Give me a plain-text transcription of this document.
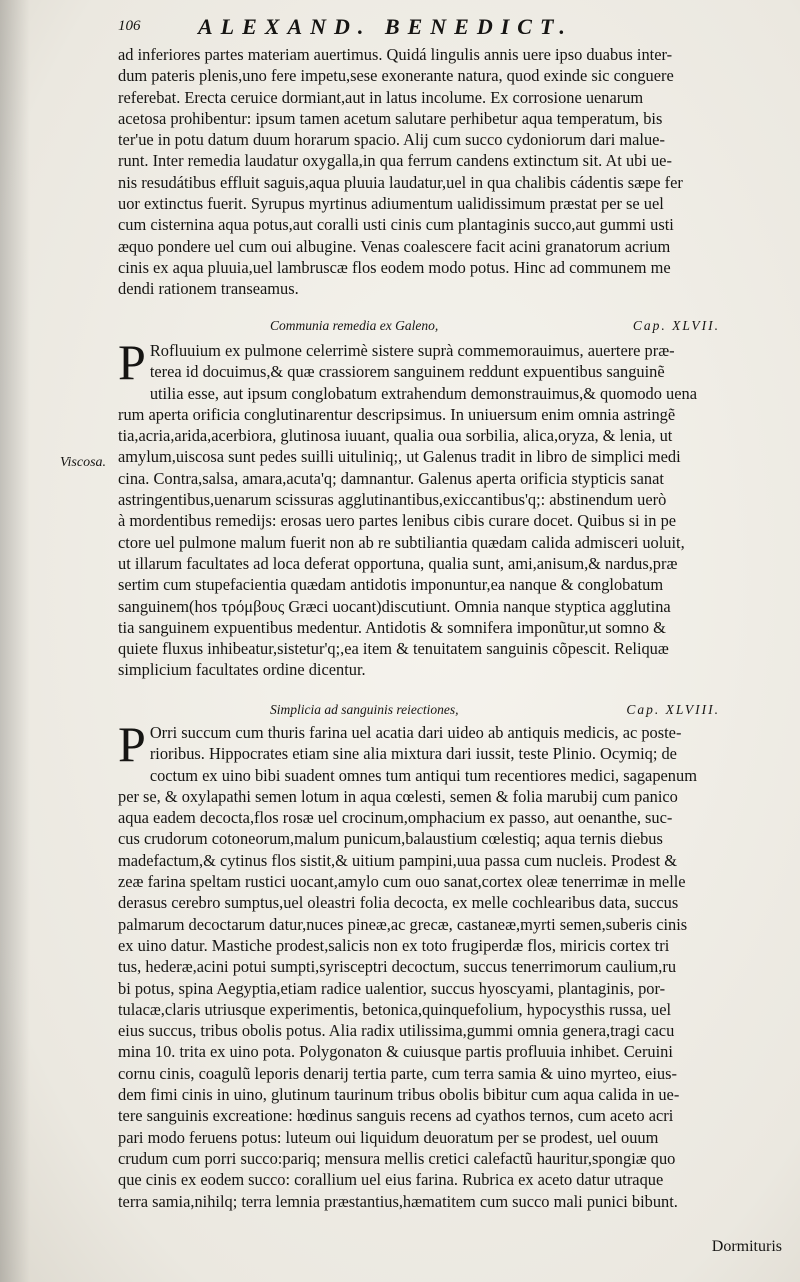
106	ALEXAND. BENEDICT.
ad inferiores partes materiam auertimus. Quidá lingulis annis uere ipso duabus inter-
dum pateris plenis,uno fere impetu,sese exonerante natura, quod exinde sic conguere
referebat. Erecta ceruice dormiant,aut in latus incolume. Ex corrosione uenarum
acetosa prohibentur: ipsum tamen acetum salutare perhibetur aqua temperatum, bis
ter'ue in potu datum duum horarum spacio. Alij cum succo cydoniorum dari malue-
runt. Inter remedia laudatur oxygalla,in qua ferrum candens extinctum sit. At ubi ue-
nis resudátibus effluit saguis,aqua pluuia laudatur,uel in qua chalibis cádentis sæpe fer
uor extinctus fuerit. Syrupus myrtinus adiumentum ualidissimum præstat per se uel
cum cisternina aqua potus,aut coralli usti cinis cum plantaginis succo,aut gummi usti
æquo pondere uel cum oui albugine. Venas coalescere facit acini granatorum acrium
cinis ex aqua pluuia,uel lambruscæ flos eodem modo potus. Hinc ad communem me
dendi rationem transeamus.
Communia remedia ex Galeno,	Cap. XLVII.
P Rofluuium ex pulmone celerrimè sistere suprà commemorauimus, auertere præ-
terea id docuimus,& quæ crassiorem sanguinem reddunt expuentibus sanguinẽ
utilia esse, aut ipsum conglobatum extrahendum demonstrauimus,& quomodo uena
rum aperta orificia conglutinarentur descripsimus. In uniuersum enim omnia astringẽ
tia,acria,arida,acerbiora, glutinosa iuuant, qualia oua sorbilia, alica,oryza, & lenia, ut
amylum,uiscosa sunt pedes suilli uituliniq;, ut Galenus tradit in libro de simplici medi
cina. Contra,salsa, amara,acuta'q; damnantur. Galenus aperta orificia stypticis sanat
astringentibus,uenarum scissuras agglutinantibus,exiccantibus'q;: abstinendum uerò
à mordentibus remedijs: erosas uero partes lenibus cibis curare docet. Quibus si in pe
ctore uel pulmone malum fuerit non ab re subtiliantia quædam calida admisceri uoluit,
ut illarum facultates ad loca deferat opportuna, qualia sunt, ami,anisum,& nardus,præ
sertim cum stupefacientia quædam antidotis imponuntur,ea nanque & conglobatum
sanguinem(hos τρόμβους Græci uocant)discutiunt. Omnia nanque styptica agglutina
tia sanguinem expuentibus medentur. Antidotis & somnifera imponũtur,ut somno &
quiete fluxus inhibeatur,sistetur'q;,ea item & tenuitatem sanguinis cõpescit. Reliquæ
simplicium facultates ordine dicentur.
Viscosa.
Simplicia ad sanguinis reiectiones,	Cap. XLVIII.
P Orri succum cum thuris farina uel acatia dari uideo ab antiquis medicis, ac poste-
rioribus. Hippocrates etiam sine alia mixtura dari iussit, teste Plinio. Ocymiq; de
coctum ex uino bibi suadent omnes tum antiqui tum recentiores medici, sagapenum
per se, & oxylapathi semen lotum in aqua cœlesti, semen & folia marubij cum panico
aqua eadem decocta,flos rosæ uel crocinum,omphacium ex passo, aut oenanthe, suc-
cus crudorum cotoneorum,malum punicum,balaustium cœlestiq; aqua ternis diebus
madefactum,& cytinus flos sistit,& uitium pampini,uua passa cum nucleis. Prodest &
zeæ farina speltam rustici uocant,amylo cum ouo sanat,cortex oleæ tenerrimæ in melle
derasus cerebro sumptus,uel oleastri folia decocta, ex melle cochlearibus data, succus
palmarum decoctarum datur,nuces pineæ,ac grecæ, castaneæ,myrti semen,suberis cinis
ex uino datur. Mastiche prodest,salicis non ex toto frugiperdæ flos, miricis cortex tri
tus, hederæ,acini potui sumpti,syrisceptri decoctum, succus tenerrimorum caulium,ru
bi potus, spina Aegyptia,etiam radice ualentior, succus hyoscyami, plantaginis, por-
tulacæ,claris utriusque experimentis, betonica,quinquefolium, hypocysthis russa, uel
eius succus, tribus obolis potus. Alia radix utilissima,gummi omnia genera,tragi cacu
mina 10. trita ex uino pota. Polygonaton & cuiusque partis profluuia inhibet. Ceruini
cornu cinis, coagulũ leporis denarij tertia parte, cum terra samia & uino myrteo, eius-
dem fimi cinis in uino, glutinum taurinum tribus obolis bibitur cum aqua calida in ue-
tere sanguinis excreatione: hœdinus sanguis recens ad cyathos ternos, cum aceto acri
pari modo feruens potus: luteum oui liquidum deuoratum per se prodest, uel ouum
crudum cum porri succo:pariq; mensura mellis cretici calefactũ hauritur,spongiæ quo
que cinis ex eodem succo: corallium uel eius farina. Rubrica ex aceto datur utraque
terra samia,nihilq; terra lemnia præstantius,hæmatitem cum succo mali punici bibunt.
Dormituris
